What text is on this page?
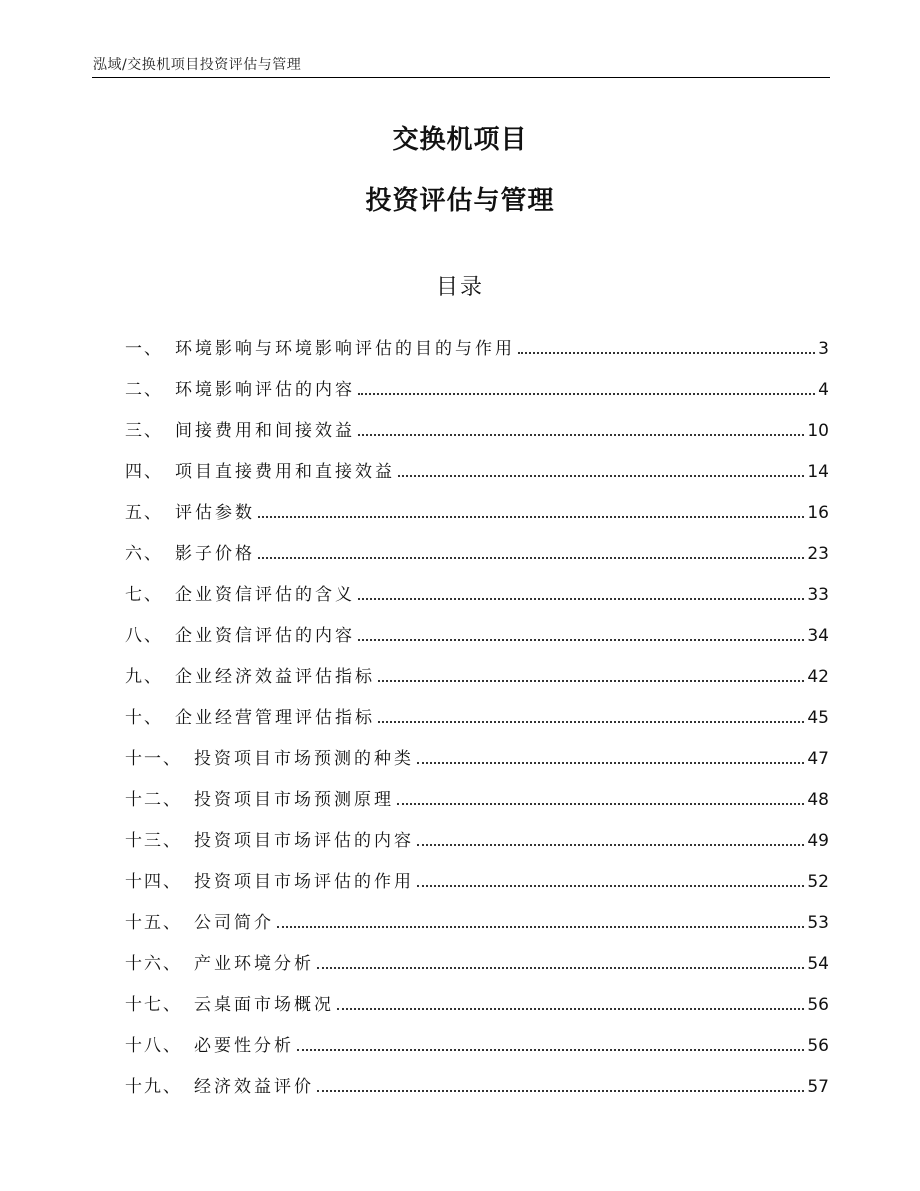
泓域/交换机项目投资评估与管理
交换机项目
投资评估与管理
目录
一、 环境影响与环境影响评估的目的与作用	3
二、 环境影响评估的内容	4
三、 间接费用和间接效益	10
四、 项目直接费用和直接效益	14
五、 评估参数	16
六、 影子价格	23
七、 企业资信评估的含义	33
八、 企业资信评估的内容	34
九、 企业经济效益评估指标	42
十、 企业经营管理评估指标	45
十一、 投资项目市场预测的种类	47
十二、 投资项目市场预测原理	48
十三、 投资项目市场评估的内容	49
十四、 投资项目市场评估的作用	52
十五、 公司简介	53
十六、 产业环境分析	54
十七、 云桌面市场概况	56
十八、 必要性分析	56
十九、 经济效益评价	57
